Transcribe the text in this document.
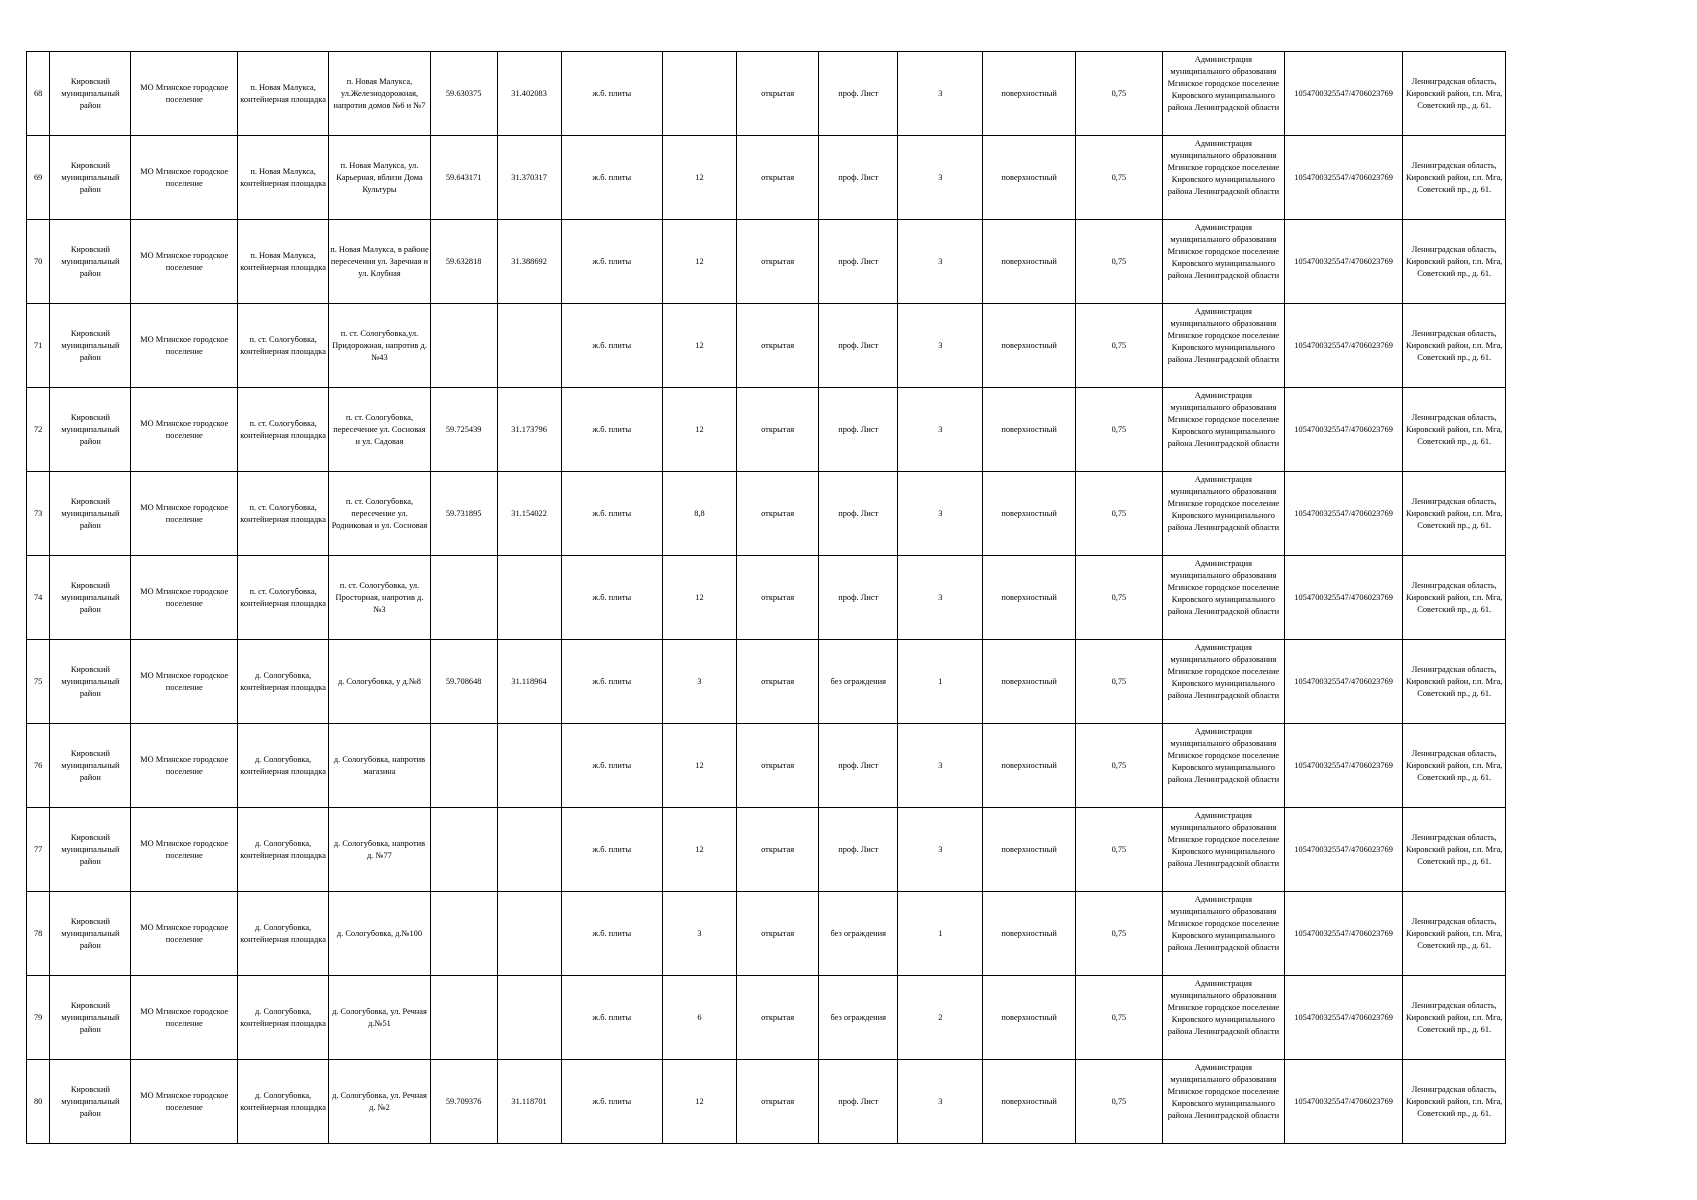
68	Кировский муниципальный район	МО Мгинское городское поселение	п. Новая Малукса, контейнерная площадка	п. Новая Малукса, ул.Железнодорожная, напротив домов №6 и №7	59.630375	31.402083	ж.б. плиты		открытая	проф. Лист	3	поверхностный	0,75	Администрация муниципального образования Мгинское городское поселение Кировского муниципального района Ленинградской области	1054700325547/4706023769	Ленинградская область, Кировский район, г.п. Мга, Советский пр., д. 61.

69	Кировский муниципальный район	МО Мгинское городское поселение	п. Новая Малукса, контейнерная площадка	п. Новая Малукса, ул. Карьерная, вблизи Дома Культуры	59.643171	31.370317	ж.б. плиты	12	открытая	проф. Лист	3	поверхностный	0,75	Администрация муниципального образования Мгинское городское поселение Кировского муниципального района Ленинградской области	1054700325547/4706023769	Ленинградская область, Кировский район, г.п. Мга, Советский пр., д. 61.

70	Кировский муниципальный район	МО Мгинское городское поселение	п. Новая Малукса, контейнерная площадка	п. Новая Малукса, в районе пересечения ул. Заречная и ул. Клубная	59.632818	31.388692	ж.б. плиты	12	открытая	проф. Лист	3	поверхностный	0,75	Администрация муниципального образования Мгинское городское поселение Кировского муниципального района Ленинградской области	1054700325547/4706023769	Ленинградская область, Кировский район, г.п. Мга, Советский пр., д. 61.

71	Кировский муниципальный район	МО Мгинское городское поселение	п. ст. Сологубовка, контейнерная площадка	п. ст. Сологубовка,ул. Придорожная, напротив д. №43			ж.б. плиты	12	открытая	проф. Лист	3	поверхностный	0,75	Администрация муниципального образования Мгинское городское поселение Кировского муниципального района Ленинградской области	1054700325547/4706023769	Ленинградская область, Кировский район, г.п. Мга, Советский пр., д. 61.

72	Кировский муниципальный район	МО Мгинское городское поселение	п. ст. Сологубовка, контейнерная площадка	п. ст. Сологубовка, пересечение ул. Сосновая и ул. Садовая	59.725439	31.173796	ж.б. плиты	12	открытая	проф. Лист	3	поверхностный	0,75	Администрация муниципального образования Мгинское городское поселение Кировского муниципального района Ленинградской области	1054700325547/4706023769	Ленинградская область, Кировский район, г.п. Мга, Советский пр., д. 61.

73	Кировский муниципальный район	МО Мгинское городское поселение	п. ст. Сологубовка, контейнерная площадка	п. ст. Сологубовка, пересечение ул. Родниковая и ул. Сосновая	59.731895	31.154022	ж.б. плиты	8,8	открытая	проф. Лист	3	поверхностный	0,75	Администрация муниципального образования Мгинское городское поселение Кировского муниципального района Ленинградской области	1054700325547/4706023769	Ленинградская область, Кировский район, г.п. Мга, Советский пр., д. 61.

74	Кировский муниципальный район	МО Мгинское городское поселение	п. ст. Сологубовка, контейнерная площадка	п. ст. Сологубовка, ул. Просторная, напротив д.№3			ж.б. плиты	12	открытая	проф. Лист	3	поверхностный	0,75	Администрация муниципального образования Мгинское городское поселение Кировского муниципального района Ленинградской области	1054700325547/4706023769	Ленинградская область, Кировский район, г.п. Мга, Советский пр., д. 61.

75	Кировский муниципальный район	МО Мгинское городское поселение	д. Сологубовка, контейнерная площадка	д. Сологубовка, у д.№8	59.708648	31.118964	ж.б. плиты	3	открытая	без ограждения	1	поверхностный	0,75	Администрация муниципального образования Мгинское городское поселение Кировского муниципального района Ленинградской области	1054700325547/4706023769	Ленинградская область, Кировский район, г.п. Мга, Советский пр., д. 61.

76	Кировский муниципальный район	МО Мгинское городское поселение	д. Сологубовка, контейнерная площадка	д. Сологубовка, напротив магазина			ж.б. плиты	12	открытая	проф. Лист	3	поверхностный	0,75	Администрация муниципального образования Мгинское городское поселение Кировского муниципального района Ленинградской области	1054700325547/4706023769	Ленинградская область, Кировский район, г.п. Мга, Советский пр., д. 61.

77	Кировский муниципальный район	МО Мгинское городское поселение	д. Сологубовка, контейнерная площадка	д. Сологубовка, напротив д. №77			ж.б. плиты	12	открытая	проф. Лист	3	поверхностный	0,75	Администрация муниципального образования Мгинское городское поселение Кировского муниципального района Ленинградской области	1054700325547/4706023769	Ленинградская область, Кировский район, г.п. Мга, Советский пр., д. 61.

78	Кировский муниципальный район	МО Мгинское городское поселение	д. Сологубовка, контейнерная площадка	д. Сологубовка, д.№100			ж.б. плиты	3	открытая	без ограждения	1	поверхностный	0,75	Администрация муниципального образования Мгинское городское поселение Кировского муниципального района Ленинградской области	1054700325547/4706023769	Ленинградская область, Кировский район, г.п. Мга, Советский пр., д. 61.

79	Кировский муниципальный район	МО Мгинское городское поселение	д. Сологубовка, контейнерная площадка	д. Сологубовка, ул. Речная д.№51			ж.б. плиты	6	открытая	без ограждения	2	поверхностный	0,75	Администрация муниципального образования Мгинское городское поселение Кировского муниципального района Ленинградской области	1054700325547/4706023769	Ленинградская область, Кировский район, г.п. Мга, Советский пр., д. 61.

80	Кировский муниципальный район	МО Мгинское городское поселение	д. Сологубовка, контейнерная площадка	д. Сологубовка, ул. Речная д. №2	59.709376	31.118701	ж.б. плиты	12	открытая	проф. Лист	3	поверхностный	0,75	Администрация муниципального образования Мгинское городское поселение Кировского муниципального района Ленинградской области	1054700325547/4706023769	Ленинградская область, Кировский район, г.п. Мга, Советский пр., д. 61.
